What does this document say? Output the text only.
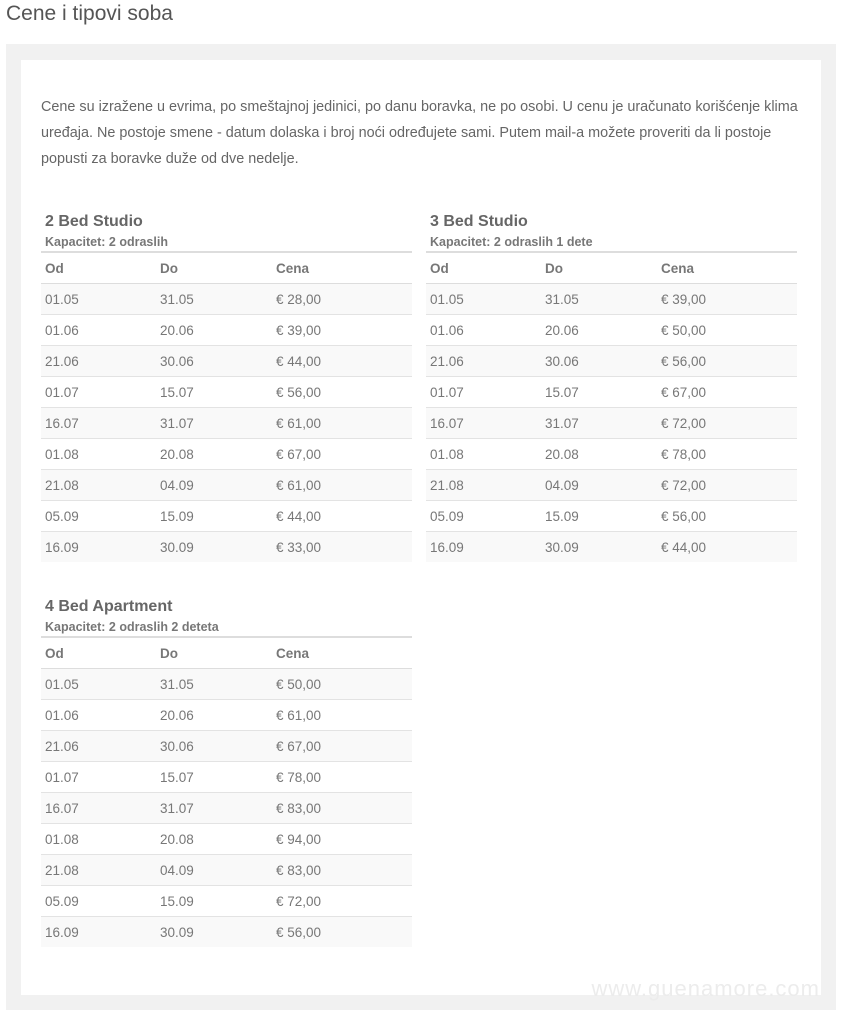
Cene i tipovi soba

Cene su izražene u evrima, po smeštajnoj jedinici, po danu boravka, ne po osobi. U cenu je uračunato korišćenje klima uređaja. Ne postoje smene - datum dolaska i broj noći određujete sami. Putem mail-a možete proveriti da li postoje popusti za boravke duže od dve nedelje.

2 Bed Studio
Kapacitet: 2 odraslih
Od	Do	Cena
01.05	31.05	€ 28,00
01.06	20.06	€ 39,00
21.06	30.06	€ 44,00
01.07	15.07	€ 56,00
16.07	31.07	€ 61,00
01.08	20.08	€ 67,00
21.08	04.09	€ 61,00
05.09	15.09	€ 44,00
16.09	30.09	€ 33,00
3 Bed Studio
Kapacitet: 2 odraslih 1 dete
Od	Do	Cena
01.05	31.05	€ 39,00
01.06	20.06	€ 50,00
21.06	30.06	€ 56,00
01.07	15.07	€ 67,00
16.07	31.07	€ 72,00
01.08	20.08	€ 78,00
21.08	04.09	€ 72,00
05.09	15.09	€ 56,00
16.09	30.09	€ 44,00
4 Bed Apartment
Kapacitet: 2 odraslih 2 deteta
Od	Do	Cena
01.05	31.05	€ 50,00
01.06	20.06	€ 61,00
21.06	30.06	€ 67,00
01.07	15.07	€ 78,00
16.07	31.07	€ 83,00
01.08	20.08	€ 94,00
21.08	04.09	€ 83,00
05.09	15.09	€ 72,00
16.09	30.09	€ 56,00
www.guenamore.com
